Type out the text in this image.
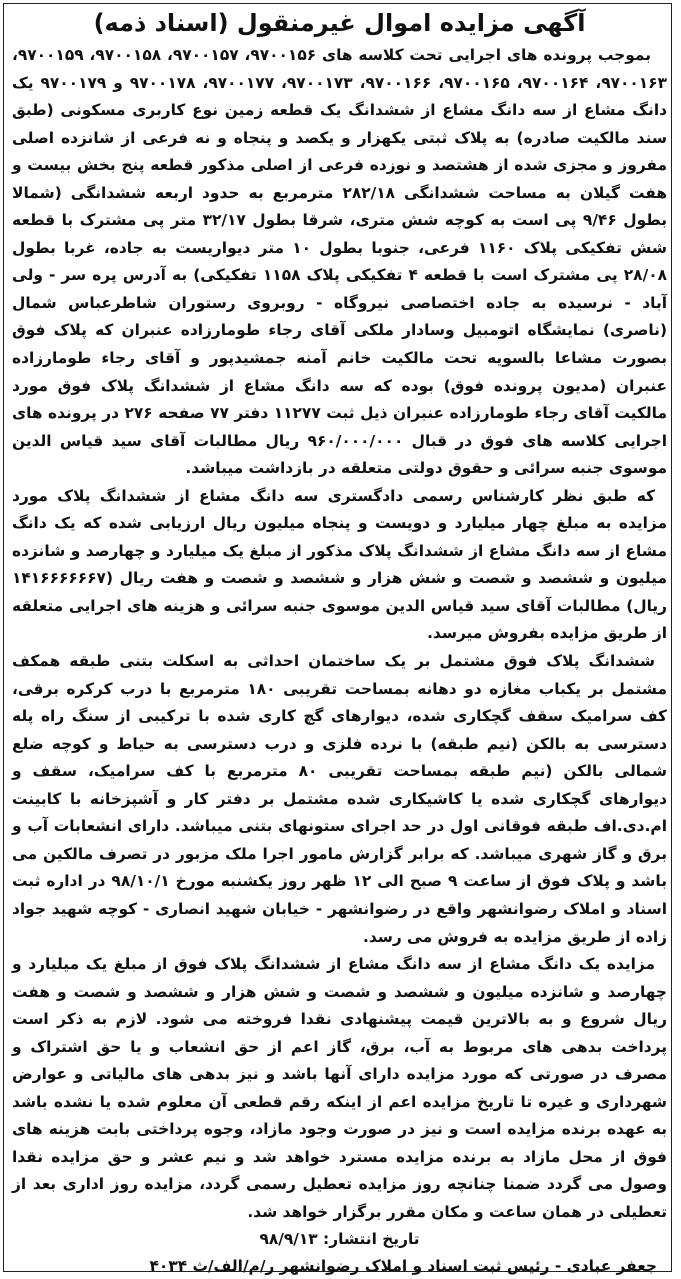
آگهی مزایده اموال غیرمنقول (اسناد ذمه)

بموجب پرونده های اجرایی تحت کلاسه های ۹۷۰۰۱۵۶، ۹۷۰۰۱۵۷، ۹۷۰۰۱۵۸، ۹۷۰۰۱۵۹، ۹۷۰۰۱۶۳، ۹۷۰۰۱۶۴، ۹۷۰۰۱۶۵، ۹۷۰۰۱۶۶، ۹۷۰۰۱۷۳، ۹۷۰۰۱۷۷، ۹۷۰۰۱۷۸ و ۹۷۰۰۱۷۹ یک دانگ مشاع از سه دانگ مشاع از ششدانگ یک قطعه زمین نوع کاربری مسکونی (طبق سند مالکیت صادره) به پلاک ثبتی یکهزار و یکصد و پنجاه و نه فرعی از شانزده اصلی مفروز و مجزی شده از هشتصد و نوزده فرعی از اصلی مذکور قطعه پنج بخش بیست و هفت گیلان به مساحت ششدانگی ۲۸۲/۱۸ مترمربع به حدود اربعه ششدانگی (شمالا بطول ۹/۴۶ پی است به کوچه شش متری، شرقا بطول ۳۲/۱۷ متر پی مشترک با قطعه شش تفکیکی پلاک ۱۱۶۰ فرعی، جنوبا بطول ۱۰ متر دیواریست به جاده، غربا بطول ۲۸/۰۸ پی مشترک است با قطعه ۴ تفکیکی پلاک ۱۱۵۸ تفکیکی) به آدرس پره سر - ولی آباد - نرسیده به جاده اختصاصی نیروگاه - روبروی رستوران شاطرعباس شمال (ناصری) نمایشگاه اتومبیل وسادار ملکی آقای رجاء طومارزاده عنبران که پلاک فوق بصورت مشاعا بالسویه تحت مالکیت خانم آمنه جمشیدپور و آقای رجاء طومارزاده عنبران (مدیون پرونده فوق) بوده که سه دانگ مشاع از ششدانگ پلاک فوق مورد مالکیت آقای رجاء طومارزاده عنبران ذیل ثبت ۱۱۲۷۷ دفتر ۷۷ صفحه ۲۷۶ در پرونده های اجرایی کلاسه های فوق در قبال ۹۶۰/۰۰۰/۰۰۰ ریال مطالبات آقای سید قیاس الدین موسوی جنبه سرائی و حقوق دولتی متعلقه در بازداشت میباشد.

که طبق نظر کارشناس رسمی دادگستری سه دانگ مشاع از ششدانگ پلاک مورد مزایده به مبلغ چهار میلیارد و دویست و پنجاه میلیون ریال ارزیابی شده که یک دانگ مشاع از سه دانگ مشاع از ششدانگ پلاک مذکور از مبلغ یک میلیارد و چهارصد و شانزده میلیون و ششصد و شصت و شش هزار و ششصد و شصت و هفت ریال (۱۴۱۶۶۶۶۶۶۷ ریال) مطالبات آقای سید قیاس الدین موسوی جنبه سرائی و هزینه های اجرایی متعلقه از طریق مزایده بفروش میرسد.

ششدانگ پلاک فوق مشتمل بر یک ساختمان احداثی به اسکلت بتنی طبقه همکف مشتمل بر یکباب مغازه دو دهانه بمساحت تقریبی ۱۸۰ مترمربع با درب کرکره برقی، کف سرامیک سقف گچکاری شده، دیوارهای گچ کاری شده با ترکیبی از سنگ راه پله دسترسی به بالکن (نیم طبقه) با نرده فلزی و درب دسترسی به حیاط و کوچه ضلع شمالی بالکن (نیم طبقه بمساحت تقریبی ۸۰ مترمربع با کف سرامیک، سقف و دیوارهای گچکاری شده یا کاشیکاری شده مشتمل بر دفتر کار و آشپزخانه با کابینت ام.دی.اف طبقه فوقانی اول در حد اجرای ستونهای بتنی میباشد. دارای انشعابات آب و برق و گاز شهری میباشد. که برابر گزارش مامور اجرا ملک مزبور در تصرف مالکین می باشد و پلاک فوق از ساعت ۹ صبح الی ۱۲ ظهر روز یکشنبه مورخ ۹۸/۱۰/۱ در اداره ثبت اسناد و املاک رضوانشهر واقع در رضوانشهر - خیابان شهید انصاری - کوچه شهید جواد زاده از طریق مزایده به فروش می رسد.

مزایده یک دانگ مشاع از سه دانگ مشاع از ششدانگ پلاک فوق از مبلغ یک میلیارد و چهارصد و شانزده میلیون و ششصد و شصت و شش هزار و ششصد و شصت و هفت ریال شروع و به بالاترین قیمت پیشنهادی نقدا فروخته می شود. لازم به ذکر است پرداخت بدهی های مربوط به آب، برق، گاز اعم از حق انشعاب و یا حق اشتراک و مصرف در صورتی که مورد مزایده دارای آنها باشد و نیز بدهی های مالیاتی و عوارض شهرداری و غیره تا تاریخ مزایده اعم از اینکه رقم قطعی آن معلوم شده یا نشده باشد به عهده برنده مزایده است و نیز در صورت وجود مازاد، وجوه پرداختی بابت هزینه های فوق از محل مازاد به برنده مزایده مسترد خواهد شد و نیم عشر و حق مزایده نقدا وصول می گردد ضمنا چنانچه روز مزایده تعطیل رسمی گردد، مزایده روز اداری بعد از تعطیلی در همان ساعت و مکان مقرر برگزار خواهد شد.

تاریخ انتشار: ۹۸/۹/۱۳

جعفر عبادی - رئیس ثبت اسناد و املاک رضوانشهر ر/م/الف/ث ۴۰۳۴
